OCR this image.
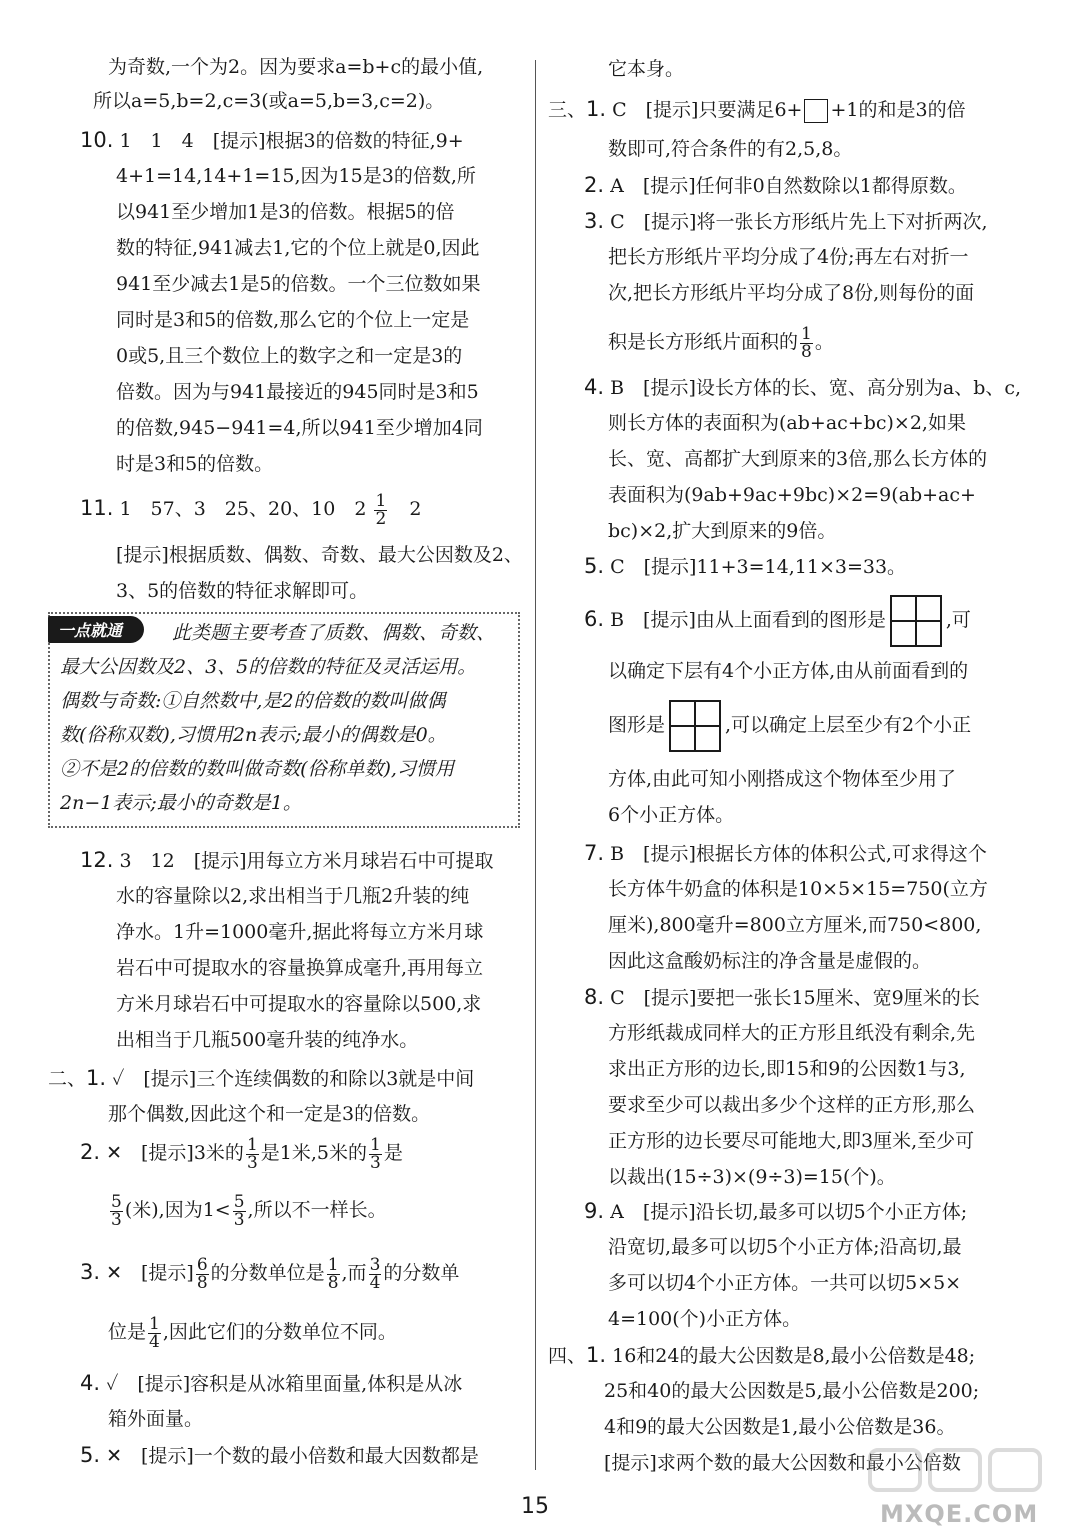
为奇数,一个为2。因为要求a=b+c的最小值,
所以a=5,b=2,c=3(或a=5,b=3,c=2)。
10. 1　1　4　[提示]根据3的倍数的特征,9+
4+1=14,14+1=15,因为15是3的倍数,所
以941至少增加1是3的倍数。根据5的倍
数的特征,941减去1,它的个位上就是0,因此
941至少减去1是5的倍数。一个三位数如果
同时是3和5的倍数,那么它的个位上一定是
0或5,且三个数位上的数字之和一定是3的
倍数。因为与941最接近的945同时是3和5
的倍数,945−941=4,所以941至少增加4同
时是3和5的倍数。
11. 1　57、3　25、20、10　$2 \frac{1}{2} 2$
[提示]根据质数、偶数、奇数、最大公因数及2、
3、5的倍数的特征求解即可。
一点就通	此类题主要考查了质数、偶数、奇数、
最大公因数及2、3、5的倍数的特征及灵活运用。
偶数与奇数:①自然数中,是2的倍数的数叫做偶
数(俗称双数),习惯用2n表示;最小的偶数是0。
②不是2的倍数的数叫做奇数(俗称单数),习惯用
2n−1表示;最小的奇数是1。
12. 3　12　[提示]用每立方米月球岩石中可提取
水的容量除以2,求出相当于几瓶2升装的纯
净水。1升=1000毫升,据此将每立方米月球
岩石中可提取水的容量换算成毫升,再用每立
方米月球岩石中可提取水的容量除以500,求
出相当于几瓶500毫升装的纯净水。
二、1. ✓　[提示]三个连续偶数的和除以3就是中间
那个偶数,因此这个和一定是3的倍数。
2. ✕　[提示]3米的 $\frac{1}{3}$ 是1米,5米的 $\frac{1}{3}$ 是
$\frac{5}{3}$ (米),因为$1< \frac{5}{3}$ ,所以不一样长。
3. ✕　[提示] $\frac{6}{8}$ 的分数单位是 $\frac{1}{8}$ ,而 $\frac{3}{4}$ 的分数单
位是 $\frac{1}{4}$ ,因此它们的分数单位不同。
4. ✓　[提示]容积是从冰箱里面量,体积是从冰
箱外面量。
5. ✕　[提示]一个数的最小倍数和最大因数都是
它本身。
三、1. C　[提示]只要满足6+ +1的和是3的倍
数即可,符合条件的有2,5,8。
2. A　[提示]任何非0自然数除以1都得原数。
3. C　[提示]将一张长方形纸片先上下对折两次,
把长方形纸片平均分成了4份;再左右对折一
次,把长方形纸片平均分成了8份,则每份的面
积是长方形纸片面积的 $\frac{1}{8}$ 。
4. B　[提示]设长方体的长、宽、高分别为a、b、c,
则长方体的表面积为(ab+ac+bc)×2,如果
长、宽、高都扩大到原来的3倍,那么长方体的
表面积为(9ab+9ac+9bc)×2=9(ab+ac+
bc)×2,扩大到原来的9倍。
5. C　[提示]11+3=14,11×3=33。
6. B　[提示]由从上面看到的图形是	,可
以确定下层有4个小正方体,由从前面看到的
图形是	,可以确定上层至少有2个小正
方体,由此可知小刚搭成这个物体至少用了
6个小正方体。
7. B　[提示]根据长方体的体积公式,可求得这个
长方体牛奶盒的体积是10×5×15=750(立方
厘米),800毫升=800立方厘米,而750<800,
因此这盒酸奶标注的净含量是虚假的。
8. C　[提示]要把一张长15厘米、宽9厘米的长
方形纸裁成同样大的正方形且纸没有剩余,先
求出正方形的边长,即15和9的公因数1与3,
要求至少可以裁出多少个这样的正方形,那么
正方形的边长要尽可能地大,即3厘米,至少可
以裁出(15÷3)×(9÷3)=15(个)。
9. A　[提示]沿长切,最多可以切5个小正方体;
沿宽切,最多可以切5个小正方体;沿高切,最
多可以切4个小正方体。一共可以切5×5×
4=100(个)小正方体。
四、1. 16和24的最大公因数是8,最小公倍数是48;
25和40的最大公因数是5,最小公倍数是200;
4和9的最大公因数是1,最小公倍数是36。
[提示]求两个数的最大公因数和最小公倍数
15	MXQE.COM
